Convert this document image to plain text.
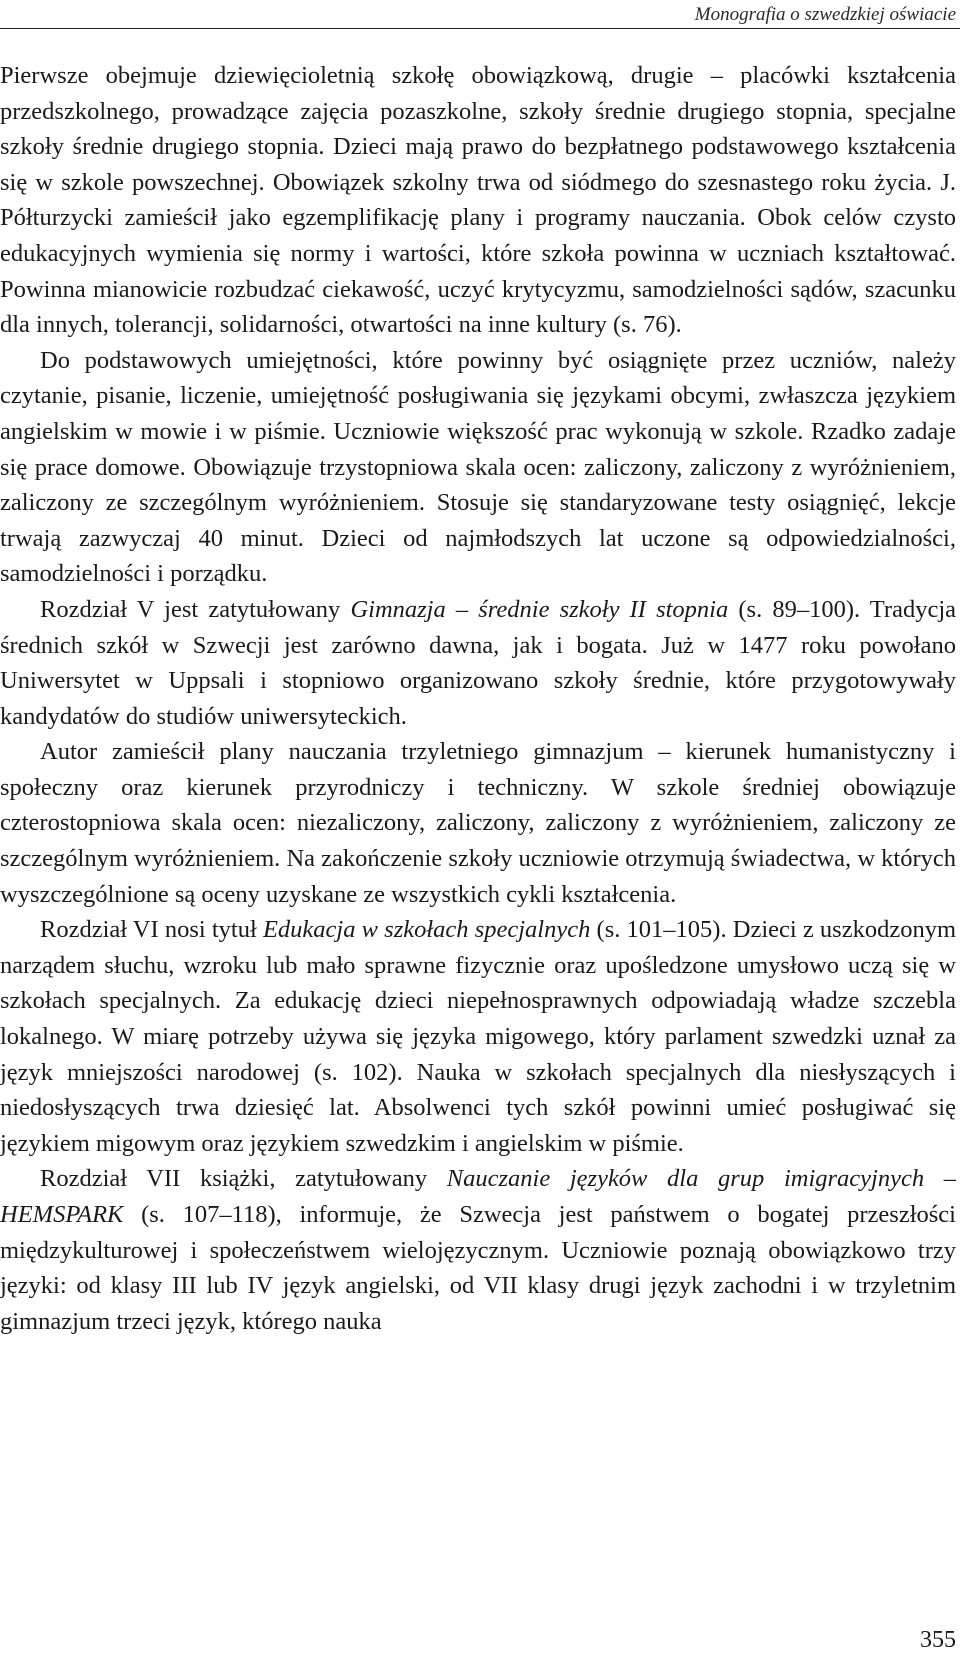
Monografia o szwedzkiej oświacie

Pierwsze obejmuje dziewięcioletnią szkołę obowiązkową, drugie – placówki kształcenia przedszkolnego, prowadzące zajęcia pozaszkolne, szkoły średnie drugiego stopnia, specjalne szkoły średnie drugiego stopnia. Dzieci mają prawo do bezpłatnego podstawowego kształcenia się w szkole powszechnej. Obowiązek szkolny trwa od siódmego do szesnastego roku życia. J. Półturzycki zamieścił jako egzemplifikację plany i programy nauczania. Obok celów czysto edukacyjnych wymienia się normy i wartości, które szkoła powinna w uczniach kształtować. Powinna mianowicie rozbudzać ciekawość, uczyć krytycyzmu, samodzielności sądów, szacunku dla innych, tolerancji, solidarności, otwartości na inne kultury (s. 76).

Do podstawowych umiejętności, które powinny być osiągnięte przez uczniów, należy czytanie, pisanie, liczenie, umiejętność posługiwania się językami obcymi, zwłaszcza językiem angielskim w mowie i w piśmie. Uczniowie większość prac wykonują w szkole. Rzadko zadaje się prace domowe. Obowiązuje trzystopniowa skala ocen: zaliczony, zaliczony z wyróżnieniem, zaliczony ze szczególnym wyróżnieniem. Stosuje się standaryzowane testy osiągnięć, lekcje trwają zazwyczaj 40 minut. Dzieci od najmłodszych lat uczone są odpowiedzialności, samodzielności i porządku.

Rozdział V jest zatytułowany Gimnazja – średnie szkoły II stopnia (s. 89–100). Tradycja średnich szkół w Szwecji jest zarówno dawna, jak i bogata. Już w 1477 roku powołano Uniwersytet w Uppsali i stopniowo organizowano szkoły średnie, które przygotowywały kandydatów do studiów uniwersyteckich.

Autor zamieścił plany nauczania trzyletniego gimnazjum – kierunek humanistyczny i społeczny oraz kierunek przyrodniczy i techniczny. W szkole średniej obowiązuje czterostopniowa skala ocen: niezaliczony, zaliczony, zaliczony z wyróżnieniem, zaliczony ze szczególnym wyróżnieniem. Na zakończenie szkoły uczniowie otrzymują świadectwa, w których wyszczególnione są oceny uzyskane ze wszystkich cykli kształcenia.

Rozdział VI nosi tytuł Edukacja w szkołach specjalnych (s. 101–105). Dzieci z uszkodzonym narządem słuchu, wzroku lub mało sprawne fizycznie oraz upośledzone umysłowo uczą się w szkołach specjalnych. Za edukację dzieci niepełnosprawnych odpowiadają władze szczebla lokalnego. W miarę potrzeby używa się języka migowego, który parlament szwedzki uznał za język mniejszości narodowej (s. 102). Nauka w szkołach specjalnych dla niesłyszących i niedosłyszących trwa dziesięć lat. Absolwenci tych szkół powinni umieć posługiwać się językiem migowym oraz językiem szwedzkim i angielskim w piśmie.

Rozdział VII książki, zatytułowany Nauczanie języków dla grup imigracyjnych – HEMSPARK (s. 107–118), informuje, że Szwecja jest państwem o bogatej przeszłości międzykulturowej i społeczeństwem wielojęzycznym. Uczniowie poznają obowiązkowo trzy języki: od klasy III lub IV język angielski, od VII klasy drugi język zachodni i w trzyletnim gimnazjum trzeci język, którego nauka

355
